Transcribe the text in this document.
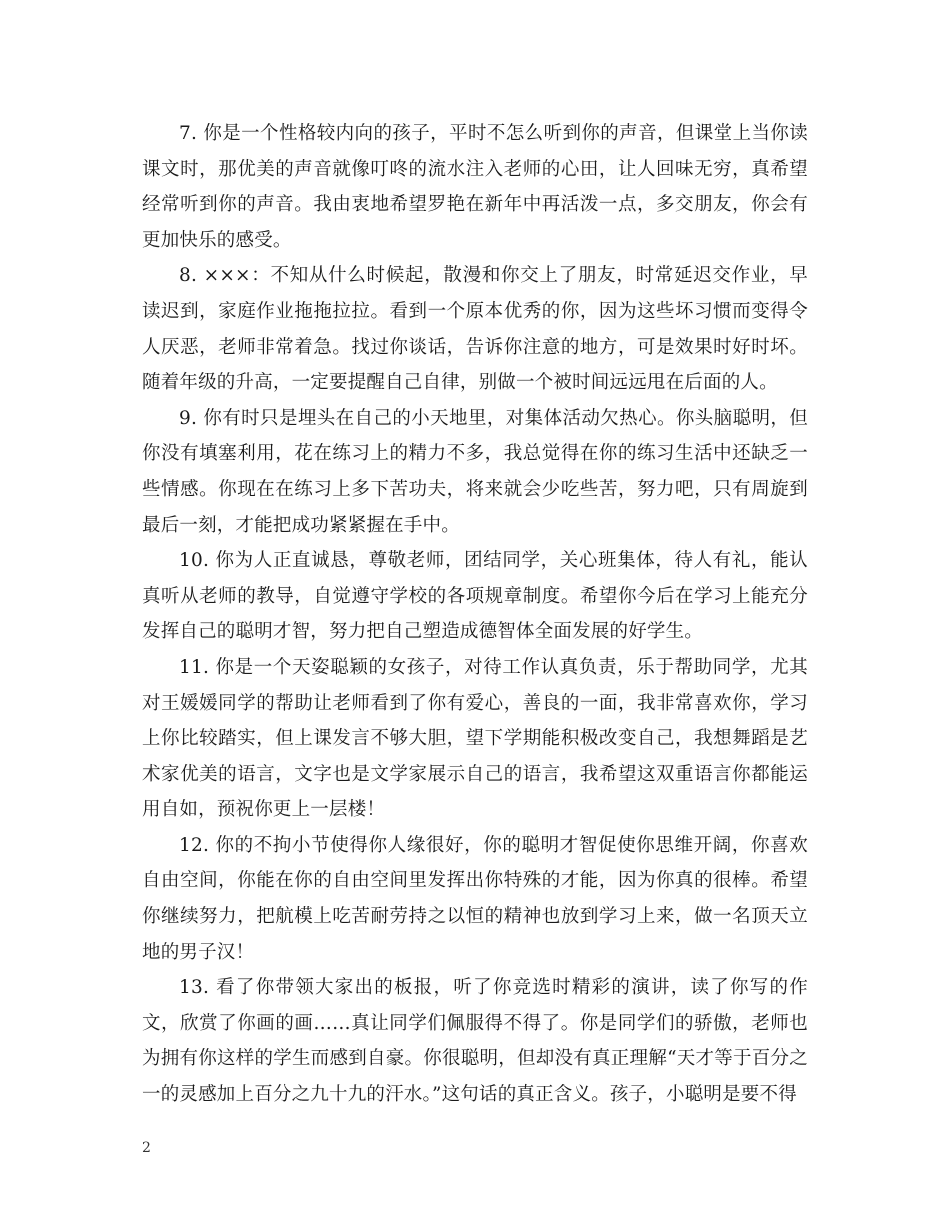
7. 你是一个性格较内向的孩子，平时不怎么听到你的声音，但课堂上当你读课文时，那优美的声音就像叮咚的流水注入老师的心田，让人回味无穷，真希望经常听到你的声音。我由衷地希望罗艳在新年中再活泼一点，多交朋友，你会有更加快乐的感受。

8. ×××：不知从什么时候起，散漫和你交上了朋友，时常延迟交作业，早读迟到，家庭作业拖拖拉拉。看到一个原本优秀的你，因为这些坏习惯而变得令人厌恶，老师非常着急。找过你谈话，告诉你注意的地方，可是效果时好时坏。随着年级的升高，一定要提醒自己自律，别做一个被时间远远甩在后面的人。

9. 你有时只是埋头在自己的小天地里，对集体活动欠热心。你头脑聪明，但你没有填塞利用，花在练习上的精力不多，我总觉得在你的练习生活中还缺乏一些情感。你现在在练习上多下苦功夫，将来就会少吃些苦，努力吧，只有周旋到最后一刻，才能把成功紧紧握在手中。

10. 你为人正直诚恳，尊敬老师，团结同学，关心班集体，待人有礼，能认真听从老师的教导，自觉遵守学校的各项规章制度。希望你今后在学习上能充分发挥自己的聪明才智，努力把自己塑造成德智体全面发展的好学生。

11. 你是一个天姿聪颖的女孩子，对待工作认真负责，乐于帮助同学，尤其对王媛媛同学的帮助让老师看到了你有爱心，善良的一面，我非常喜欢你，学习上你比较踏实，但上课发言不够大胆，望下学期能积极改变自己，我想舞蹈是艺术家优美的语言，文字也是文学家展示自己的语言，我希望这双重语言你都能运用自如，预祝你更上一层楼！

12. 你的不拘小节使得你人缘很好，你的聪明才智促使你思维开阔，你喜欢自由空间，你能在你的自由空间里发挥出你特殊的才能，因为你真的很棒。希望你继续努力，把航模上吃苦耐劳持之以恒的精神也放到学习上来，做一名顶天立地的男子汉！

13. 看了你带领大家出的板报，听了你竞选时精彩的演讲，读了你写的作文，欣赏了你画的画……真让同学们佩服得不得了。你是同学们的骄傲，老师也为拥有你这样的学生而感到自豪。你很聪明，但却没有真正理解“天才等于百分之一的灵感加上百分之九十九的汗水。”这句话的真正含义。孩子，小聪明是要不得

2
